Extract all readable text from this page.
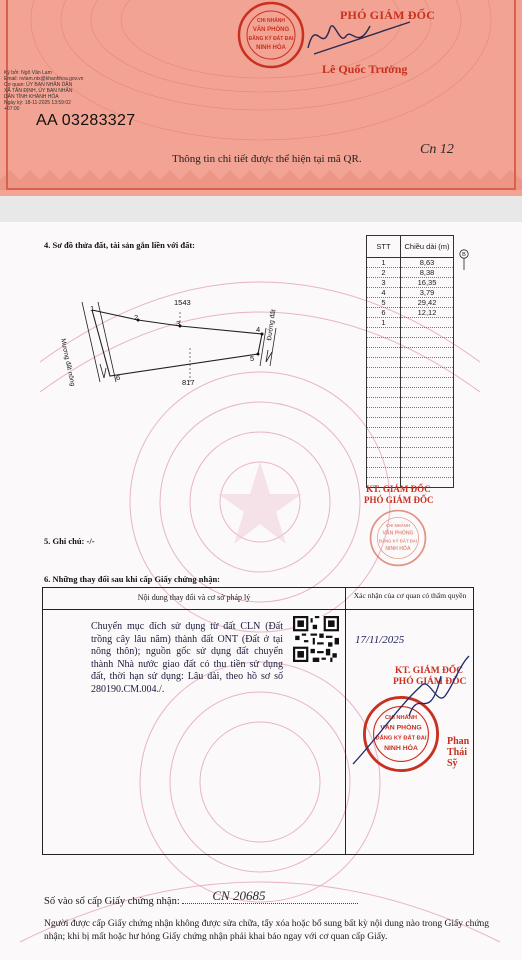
Ký bởi: Ngô Văn Lam
Email: nvlam.ntx@khanhhoa.gov.vn
Cơ quan: ỦY BAN NHÂN DÂN
XÃ TÂN ĐỊNH, ỦY BAN NHÂN
DÂN TỈNH KHÁNH HÒA
Ngày ký: 18-11-2025 13:59:02
+07:00
AA 03283327
Thông tin chi tiết được thể hiện tại mã QR.
PHÓ GIÁM ĐỐC
Lê Quốc Trưởng
Cn 12
CHI NHÁNH
VĂN PHÒNG
ĐĂNG KÝ ĐẤT ĐAI
NINH HÒA
4. Sơ đồ thửa đất, tài sản gắn liền với đất:	STT	Chiều dài (m)
1	8,63
2	8,38
3	16,35
4	3,79
5	29,42
6	12,12
1	

B
1
2
3
4
5
6
1543
817
Mương đất nông
Đường đất
5. Ghi chú: -/-
6. Những thay đổi sau khi cấp Giấy chứng nhận:
Nội dung thay đổi và cơ sở pháp lý	Xác nhận của cơ quan có thẩm quyền
Chuyển mục đích sử dụng từ đất CLN (Đất trồng cây lâu năm) thành đất ONT (Đất ở tại nông thôn); nguồn gốc sử dụng đất chuyển thành Nhà nước giao đất có thu tiền sử dụng đất, thời hạn sử dụng: Lâu dài, theo hồ sơ số 280190.CM.004./.
17/11/2025
KT. GIÁM ĐỐC
PHÓ GIÁM ĐỐC
CHI NHÁNH
VĂN PHÒNG
ĐĂNG KÝ ĐẤT ĐAI
NINH HÒA
Phan Thái Sỹ
KT. GIÁM ĐỐC
PHÓ GIÁM ĐỐC
CHI NHÁNH
VĂN PHÒNG
ĐĂNG KÝ ĐẤT ĐAI
NINH HÒA
Số vào sổ cấp Giấy chứng nhận:	CN 20685
Người được cấp Giấy chứng nhận không được sửa chữa, tẩy xóa hoặc bổ sung bất kỳ nội dung nào trong Giấy chứng nhận; khi bị mất hoặc hư hỏng Giấy chứng nhận phải khai báo ngay với cơ quan cấp Giấy.
